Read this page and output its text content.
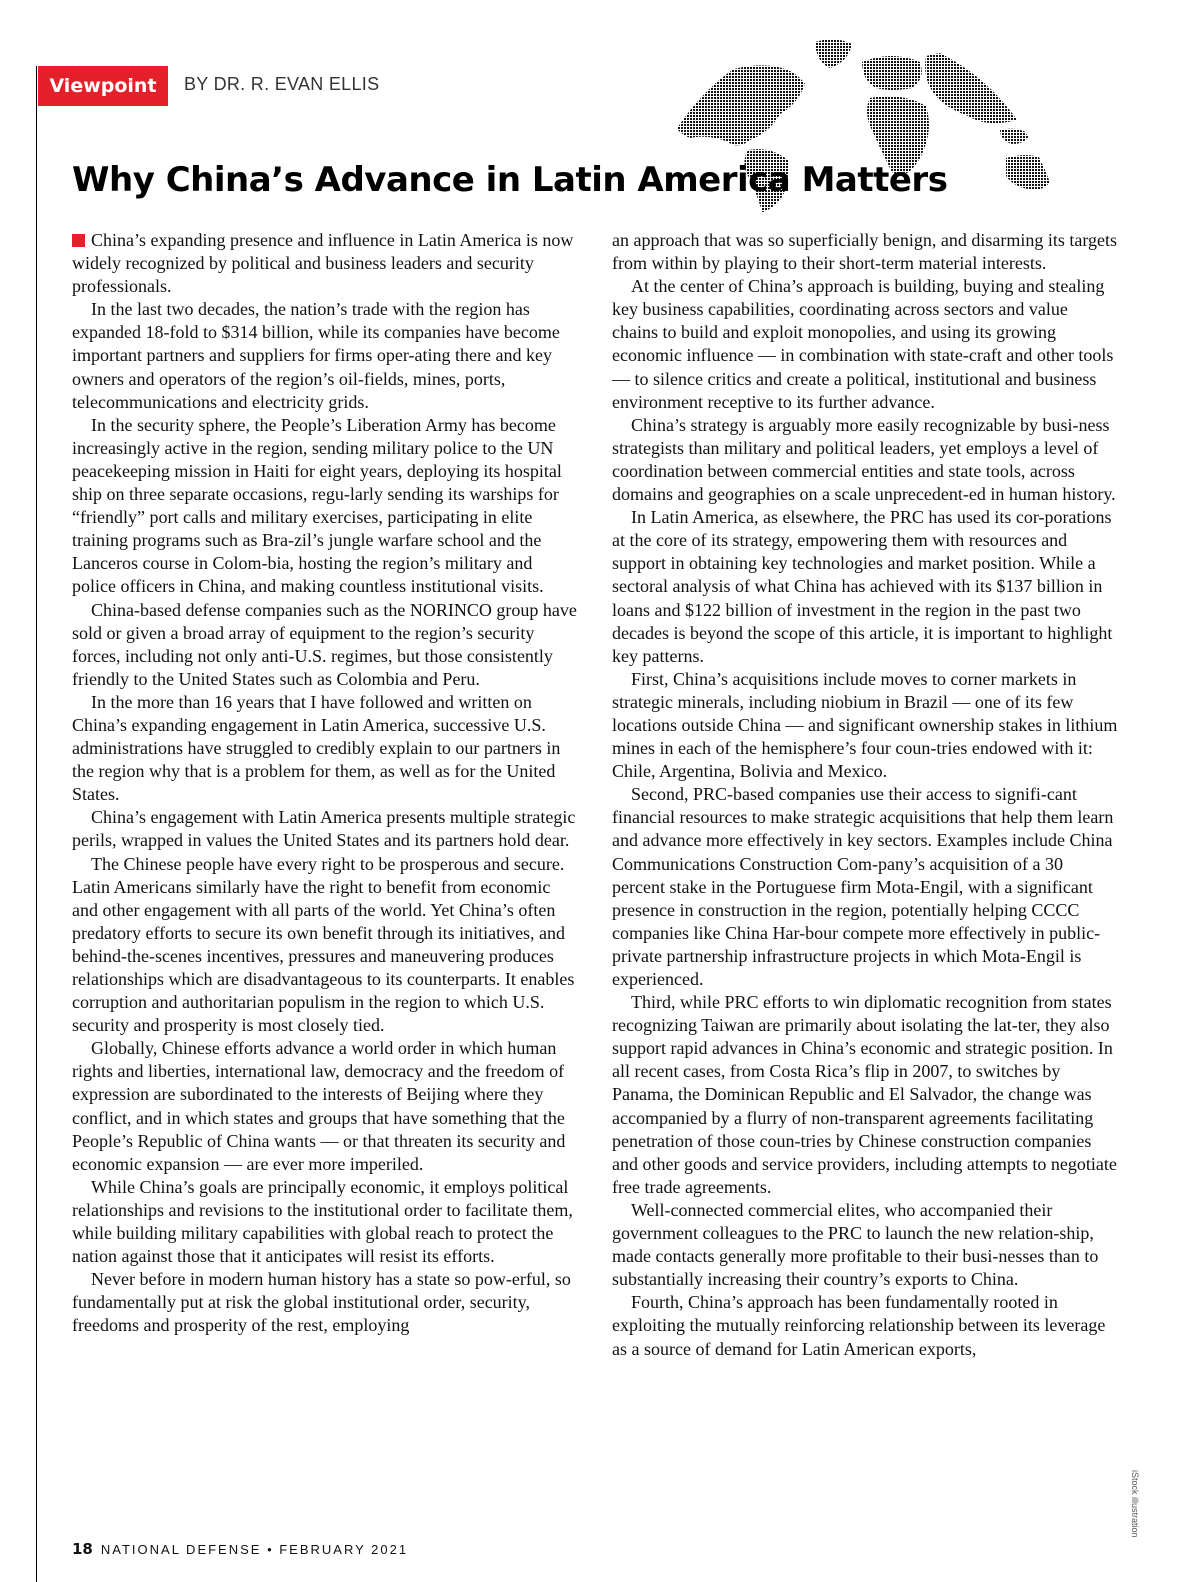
Viewpoint	BY DR. R. EVAN ELLIS
Why China’s Advance in Latin America Matters

China’s expanding presence and influence in Latin America is now widely recognized by political and business leaders and security professionals.

In the last two decades, the nation’s trade with the region has expanded 18-fold to $314 billion, while its companies have become important partners and suppliers for firms oper-ating there and key owners and operators of the region’s oil-fields, mines, ports, telecommunications and electricity grids.

In the security sphere, the People’s Liberation Army has become increasingly active in the region, sending military police to the UN peacekeeping mission in Haiti for eight years, deploying its hospital ship on three separate occasions, regu-larly sending its warships for “friendly” port calls and military exercises, participating in elite training programs such as Bra-zil’s jungle warfare school and the Lanceros course in Colom-bia, hosting the region’s military and police officers in China, and making countless institutional visits.

China-based defense companies such as the NORINCO group have sold or given a broad array of equipment to the region’s security forces, including not only anti-U.S. regimes, but those consistently friendly to the United States such as Colombia and Peru.

In the more than 16 years that I have followed and written on China’s expanding engagement in Latin America, successive U.S. administrations have struggled to credibly explain to our partners in the region why that is a problem for them, as well as for the United States.

China’s engagement with Latin America presents multiple strategic perils, wrapped in values the United States and its partners hold dear.

The Chinese people have every right to be prosperous and secure. Latin Americans similarly have the right to benefit from economic and other engagement with all parts of the world. Yet China’s often predatory efforts to secure its own benefit through its initiatives, and behind-the-scenes incentives, pressures and maneuvering produces relationships which are disadvantageous to its counterparts. It enables corruption and authoritarian populism in the region to which U.S. security and prosperity is most closely tied.

Globally, Chinese efforts advance a world order in which human rights and liberties, international law, democracy and the freedom of expression are subordinated to the interests of Beijing where they conflict, and in which states and groups that have something that the People’s Republic of China wants — or that threaten its security and economic expansion — are ever more imperiled.

While China’s goals are principally economic, it employs political relationships and revisions to the institutional order to facilitate them, while building military capabilities with global reach to protect the nation against those that it anticipates will resist its efforts.

Never before in modern human history has a state so pow-erful, so fundamentally put at risk the global institutional order, security, freedoms and prosperity of the rest, employing

an approach that was so superficially benign, and disarming its targets from within by playing to their short-term material interests.

At the center of China’s approach is building, buying and stealing key business capabilities, coordinating across sectors and value chains to build and exploit monopolies, and using its growing economic influence — in combination with state-craft and other tools — to silence critics and create a political, institutional and business environment receptive to its further advance.

China’s strategy is arguably more easily recognizable by busi-ness strategists than military and political leaders, yet employs a level of coordination between commercial entities and state tools, across domains and geographies on a scale unprecedent-ed in human history.

In Latin America, as elsewhere, the PRC has used its cor-porations at the core of its strategy, empowering them with resources and support in obtaining key technologies and market position. While a sectoral analysis of what China has achieved with its $137 billion in loans and $122 billion of investment in the region in the past two decades is beyond the scope of this article, it is important to highlight key patterns.

First, China’s acquisitions include moves to corner markets in strategic minerals, including niobium in Brazil — one of its few locations outside China — and significant ownership stakes in lithium mines in each of the hemisphere’s four coun-tries endowed with it: Chile, Argentina, Bolivia and Mexico.

Second, PRC-based companies use their access to signifi-cant financial resources to make strategic acquisitions that help them learn and advance more effectively in key sectors. Examples include China Communications Construction Com-pany’s acquisition of a 30 percent stake in the Portuguese firm Mota-Engil, with a significant presence in construction in the region, potentially helping CCCC companies like China Har-bour compete more effectively in public-private partnership infrastructure projects in which Mota-Engil is experienced.

Third, while PRC efforts to win diplomatic recognition from states recognizing Taiwan are primarily about isolating the lat-ter, they also support rapid advances in China’s economic and strategic position. In all recent cases, from Costa Rica’s flip in 2007, to switches by Panama, the Dominican Republic and El Salvador, the change was accompanied by a flurry of non-transparent agreements facilitating penetration of those coun-tries by Chinese construction companies and other goods and service providers, including attempts to negotiate free trade agreements.

Well-connected commercial elites, who accompanied their government colleagues to the PRC to launch the new relation-ship, made contacts generally more profitable to their busi-nesses than to substantially increasing their country’s exports to China.

Fourth, China’s approach has been fundamentally rooted in exploiting the mutually reinforcing relationship between its leverage as a source of demand for Latin American exports,

iStock illustration
18 NATIONAL DEFENSE • FEBRUARY 2021
